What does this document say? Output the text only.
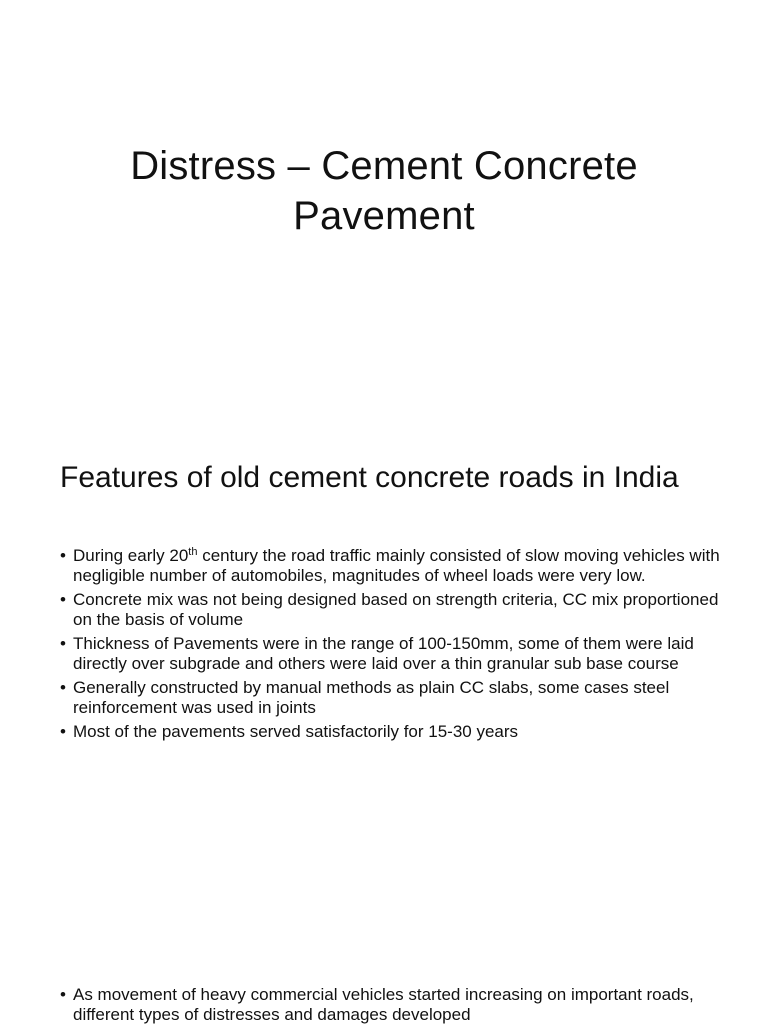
Distress – Cement Concrete
Pavement
Features of old cement concrete roads in India
• During early 20th century the road traffic mainly consisted of slow moving vehicles with negligible number of automobiles, magnitudes of wheel loads were very low.
• Concrete mix was not being designed based on strength criteria, CC mix proportioned on the basis of volume
• Thickness of Pavements were in the range of 100-150mm, some of them were laid directly over subgrade and others were laid over a thin granular sub base course
• Generally constructed by manual methods as plain CC slabs, some cases steel reinforcement was used in joints
• Most of the pavements served satisfactorily for 15-30 years
• As movement of heavy commercial vehicles started increasing on important roads, different types of distresses and damages developed
